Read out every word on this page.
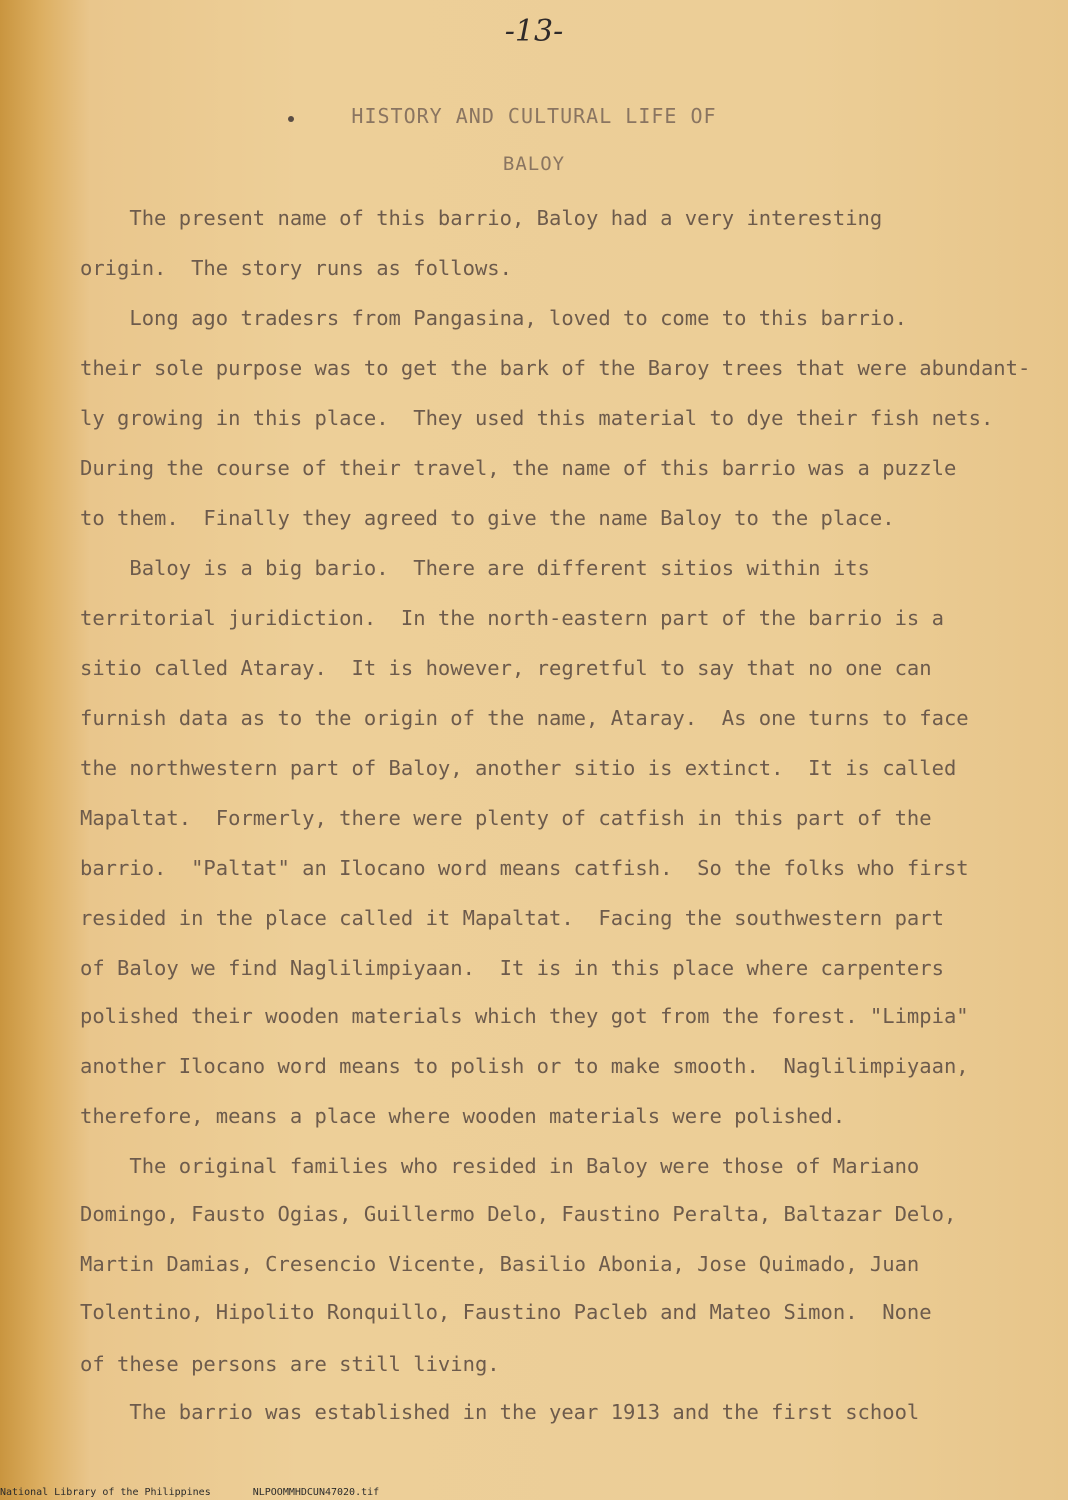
-13-
HISTORY AND CULTURAL LIFE OF
BALOY
The present name of this barrio, Baloy had a very interesting
origin.  The story runs as follows.
Long ago tradesrs from Pangasina, loved to come to this barrio.
their sole purpose was to get the bark of the Baroy trees that were abundant-
ly growing in this place.  They used this material to dye their fish nets.
During the course of their travel, the name of this barrio was a puzzle
to them.  Finally they agreed to give the name Baloy to the place.
Baloy is a big bario.  There are different sitios within its
territorial juridiction.  In the north-eastern part of the barrio is a
sitio called Ataray.  It is however, regretful to say that no one can
furnish data as to the origin of the name, Ataray.  As one turns to face
the northwestern part of Baloy, another sitio is extinct.  It is called
Mapaltat.  Formerly, there were plenty of catfish in this part of the
barrio.  "Paltat" an Ilocano word means catfish.  So the folks who first
resided in the place called it Mapaltat.  Facing the southwestern part
of Baloy we find Naglilimpiyaan.  It is in this place where carpenters
polished their wooden materials which they got from the forest. "Limpia"
another Ilocano word means to polish or to make smooth.  Naglilimpiyaan,
therefore, means a place where wooden materials were polished.
The original families who resided in Baloy were those of Mariano
Domingo, Fausto Ogias, Guillermo Delo, Faustino Peralta, Baltazar Delo,
Martin Damias, Cresencio Vicente, Basilio Abonia, Jose Quimado, Juan
Tolentino, Hipolito Ronquillo, Faustino Pacleb and Mateo Simon.  None
of these persons are still living.
The barrio was established in the year 1913 and the first school
National Library of the Philippines	NLPOOMMHDCUN47020.tif
